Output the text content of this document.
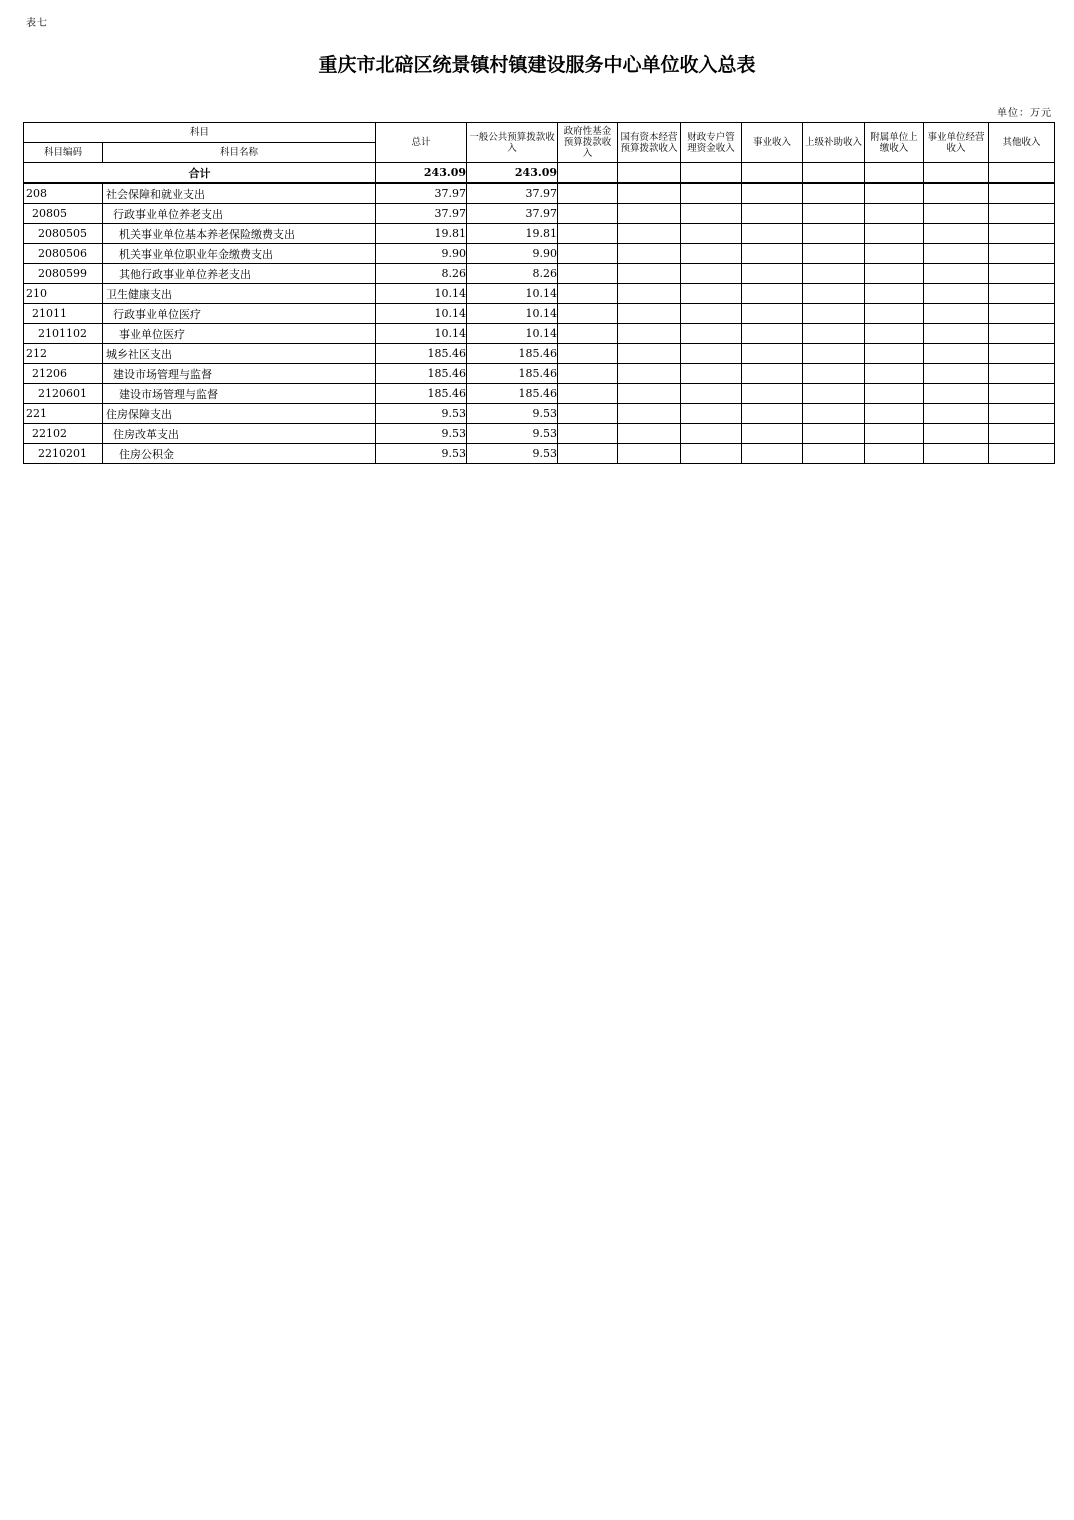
表七
重庆市北碚区统景镇村镇建设服务中心单位收入总表
单位：万元
科目		总计	一般公共预算拨款收入	政府性基金预算拨款收入	国有资本经营预算拨款收入	财政专户管理资金收入	事业收入	上级补助收入	附属单位上缴收入	事业单位经营收入	其他收入
科目编码	科目名称										
合计		243.09	243.09								
208	社会保障和就业支出	37.97	37.97								
20805	行政事业单位养老支出	37.97	37.97								
2080505	机关事业单位基本养老保险缴费支出	19.81	19.81								
2080506	机关事业单位职业年金缴费支出	9.90	9.90								
2080599	其他行政事业单位养老支出	8.26	8.26								
210	卫生健康支出	10.14	10.14								
21011	行政事业单位医疗	10.14	10.14								
2101102	事业单位医疗	10.14	10.14								
212	城乡社区支出	185.46	185.46								
21206	建设市场管理与监督	185.46	185.46								
2120601	建设市场管理与监督	185.46	185.46								
221	住房保障支出	9.53	9.53								
22102	住房改革支出	9.53	9.53								
2210201	住房公积金	9.53	9.53								
